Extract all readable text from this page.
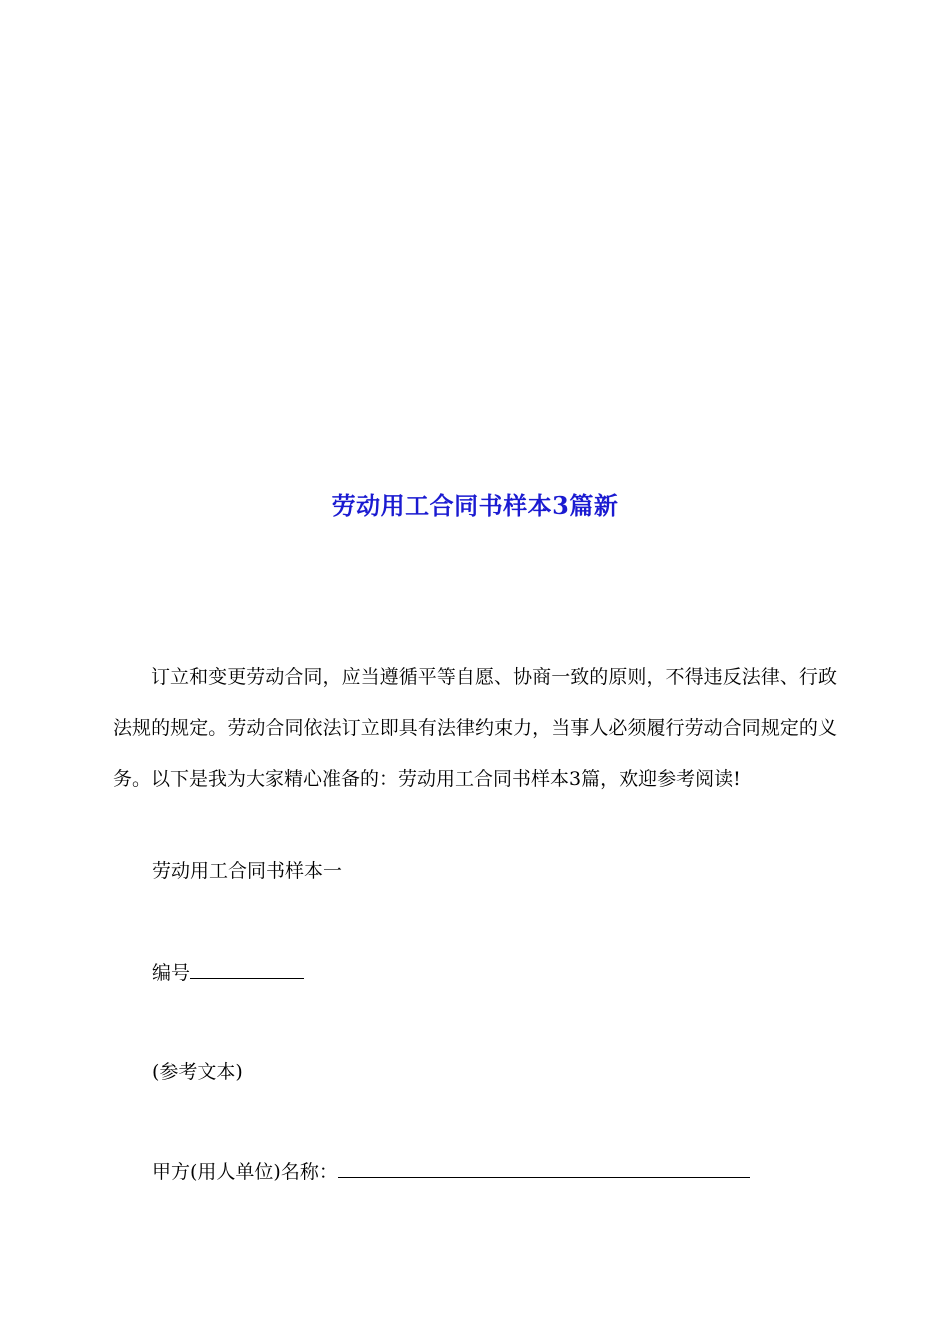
劳动用工合同书样本3篇新

订立和变更劳动合同，应当遵循平等自愿、协商一致的原则，不得违反法律、行政法规的规定。劳动合同依法订立即具有法律约束力，当事人必须履行劳动合同规定的义务。以下是我为大家精心准备的：劳动用工合同书样本3篇，欢迎参考阅读!

劳动用工合同书样本一
编号
(参考文本)
甲方(用人单位)名称：
